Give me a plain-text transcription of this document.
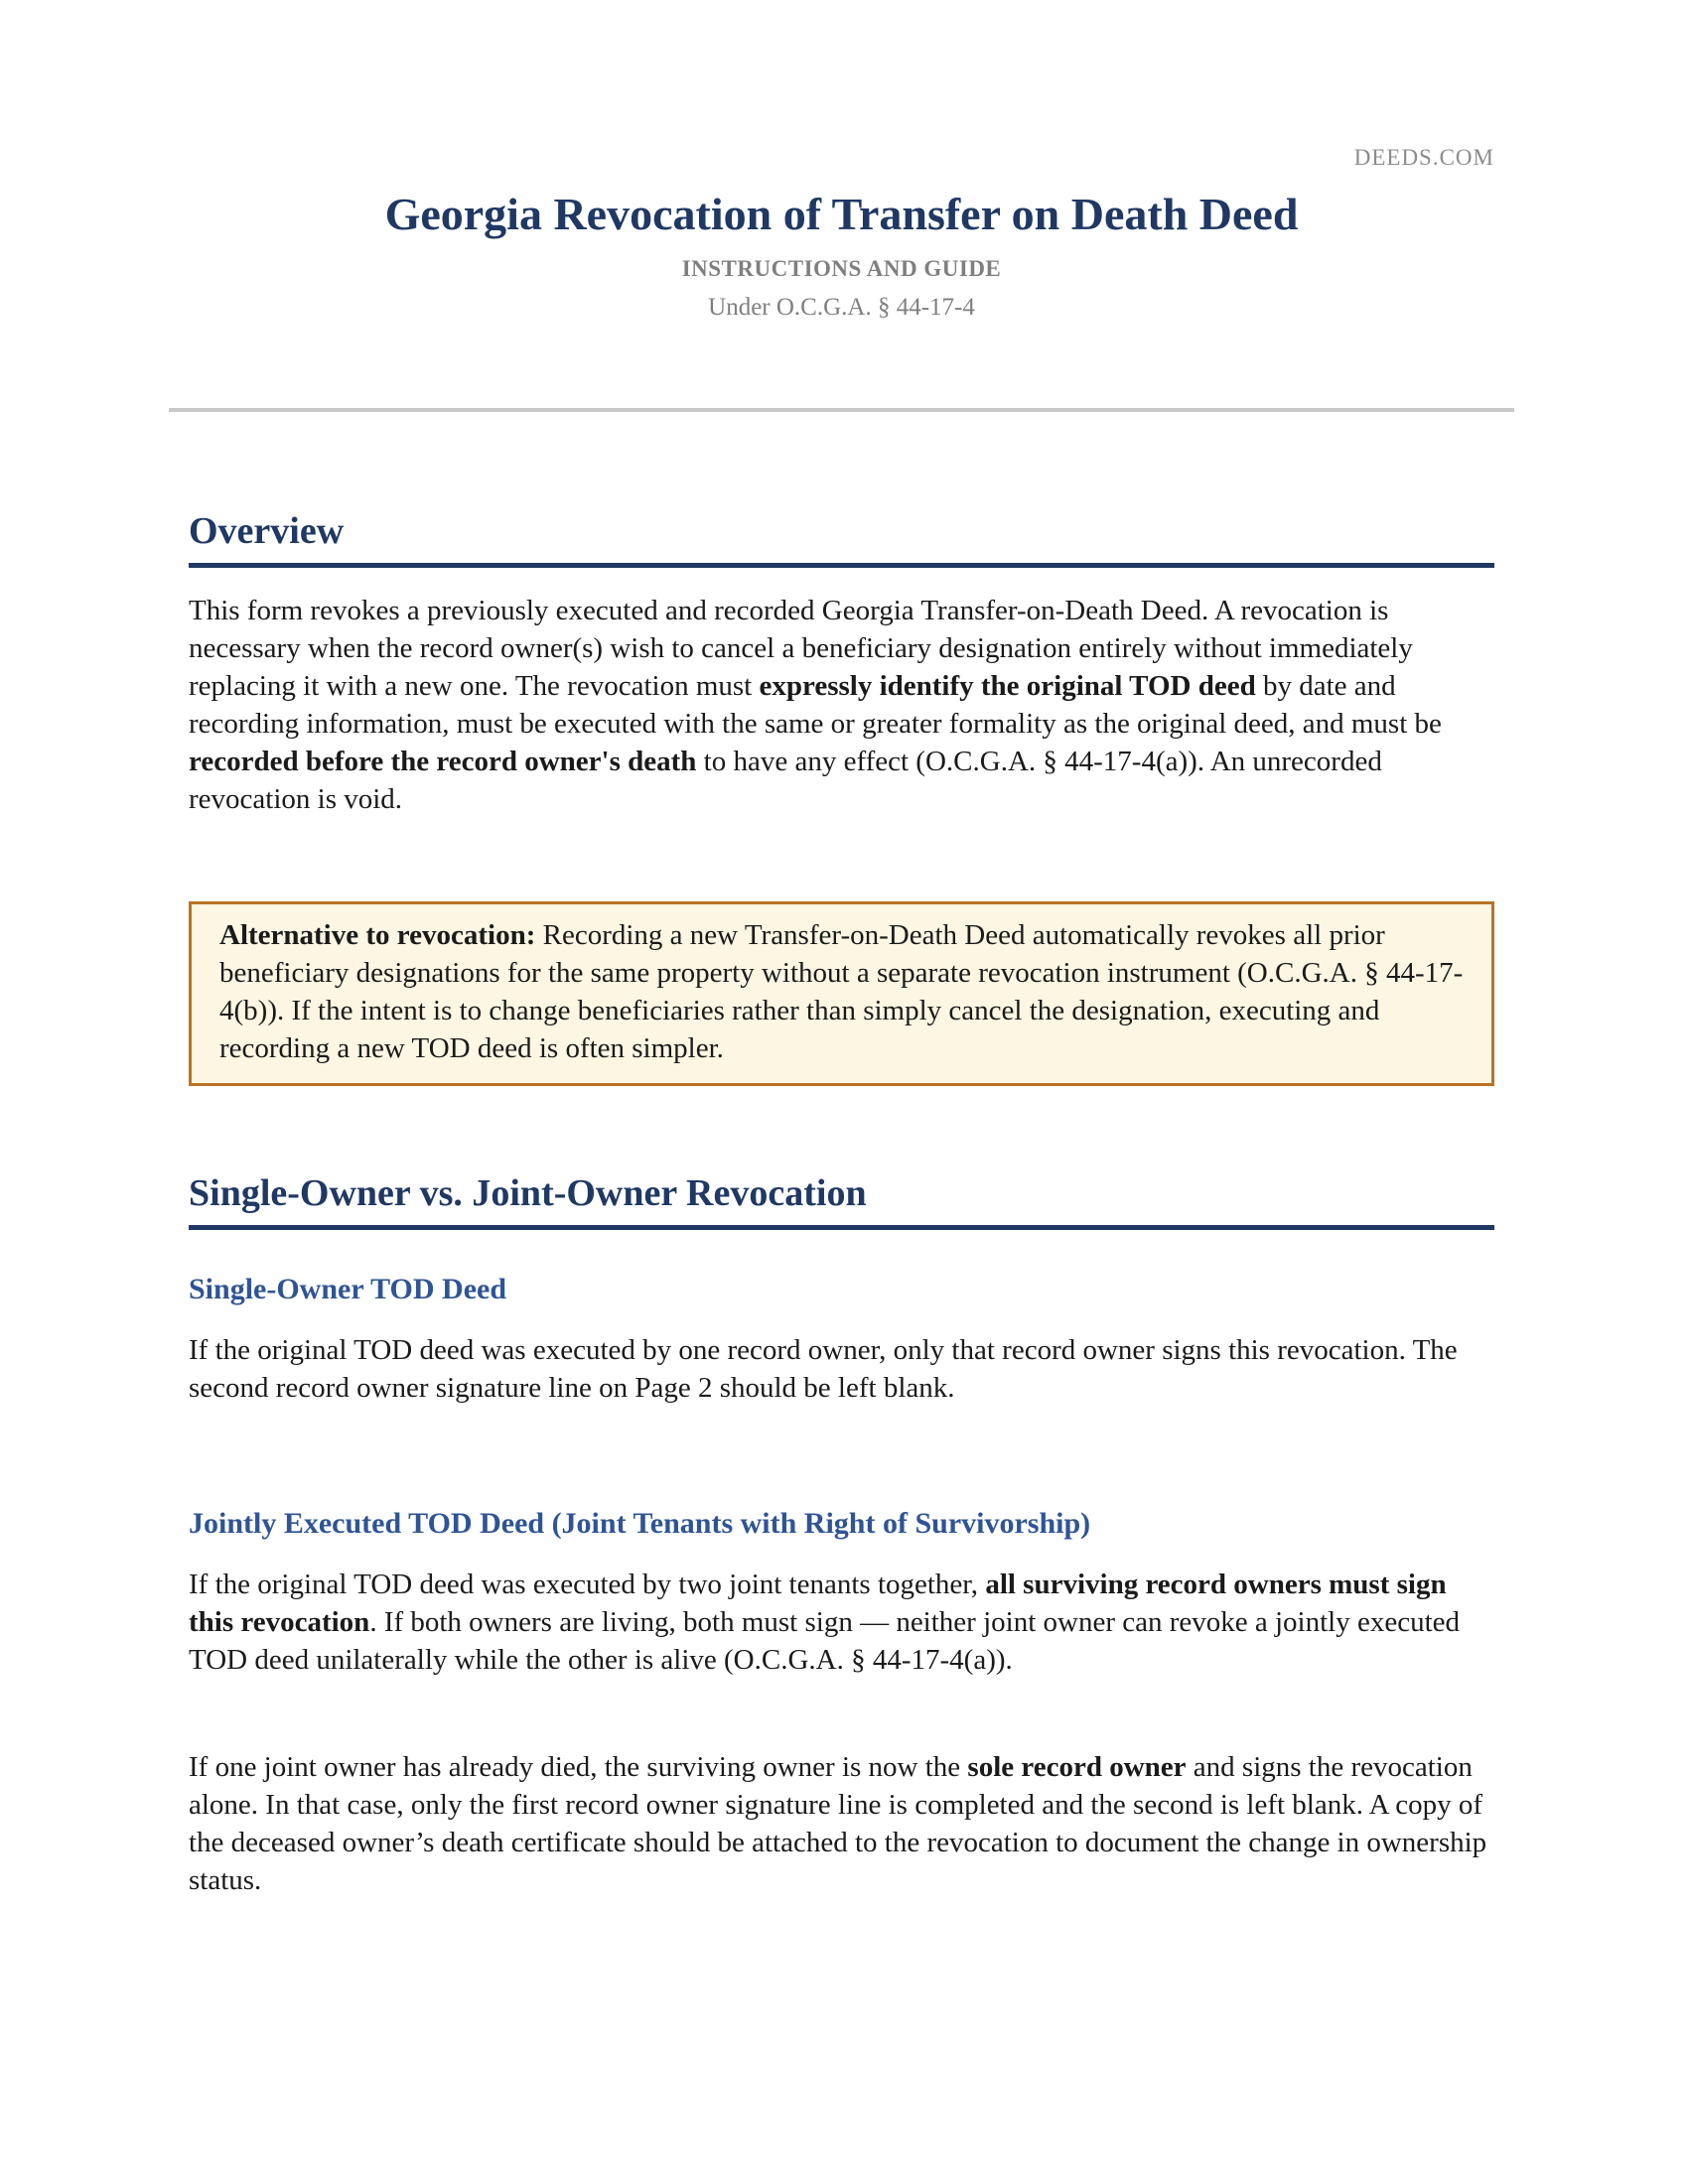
DEEDS.COM
Georgia Revocation of Transfer on Death Deed
INSTRUCTIONS AND GUIDE
Under O.C.G.A. § 44-17-4
Overview

This form revokes a previously executed and recorded Georgia Transfer-on-Death Deed. A revocation is necessary when the record owner(s) wish to cancel a beneficiary designation entirely without immediately replacing it with a new one. The revocation must expressly identify the original TOD deed by date and recording information, must be executed with the same or greater formality as the original deed, and must be recorded before the record owner's death to have any effect (O.C.G.A. § 44-17-4(a)). An unrecorded revocation is void.

Alternative to revocation: Recording a new Transfer-on-Death Deed automatically revokes all prior beneficiary designations for the same property without a separate revocation instrument (O.C.G.A. § 44-17-4(b)). If the intent is to change beneficiaries rather than simply cancel the designation, executing and recording a new TOD deed is often simpler.

Single-Owner vs. Joint-Owner Revocation
Single-Owner TOD Deed

If the original TOD deed was executed by one record owner, only that record owner signs this revocation. The second record owner signature line on Page 2 should be left blank.

Jointly Executed TOD Deed (Joint Tenants with Right of Survivorship)

If the original TOD deed was executed by two joint tenants together, all surviving record owners must sign this revocation. If both owners are living, both must sign — neither joint owner can revoke a jointly executed TOD deed unilaterally while the other is alive (O.C.G.A. § 44-17-4(a)).

If one joint owner has already died, the surviving owner is now the sole record owner and signs the revocation alone. In that case, only the first record owner signature line is completed and the second is left blank. A copy of the deceased owner’s death certificate should be attached to the revocation to document the change in ownership status.
